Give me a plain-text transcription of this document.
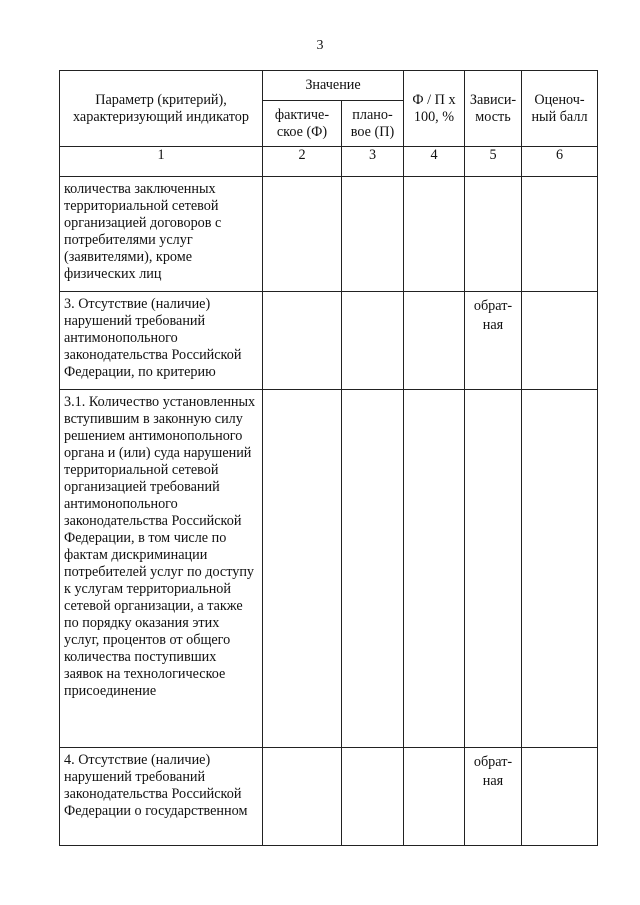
3
Параметр (критерий), характеризующий индикатор	Значение		Ф / П x 100, %	Зависи-мость	Оценоч-ный балл
	фактиче-ское (Ф)	плано-вое (П)			
1	2	3	4	5	6
количества заключенных территориальной сетевой организацией договоров с потребителями услуг (заявителями), кроме физических лиц					
3. Отсутствие (наличие) нарушений требований антимонопольного законодательства Российской Федерации, по критерию				обрат-ная	
3.1. Количество установленных вступившим в законную силу решением антимонопольного органа и (или) суда нарушений территориальной сетевой организацией требований антимонопольного законодательства Российской Федерации, в том числе по фактам дискриминации потребителей услуг по доступу к услугам территориальной сетевой организации, а также по порядку оказания этих услуг, процентов от общего количества поступивших заявок на технологическое присоединение					
4. Отсутствие (наличие) нарушений требований законодательства Российской Федерации о государственном				обрат-ная	
